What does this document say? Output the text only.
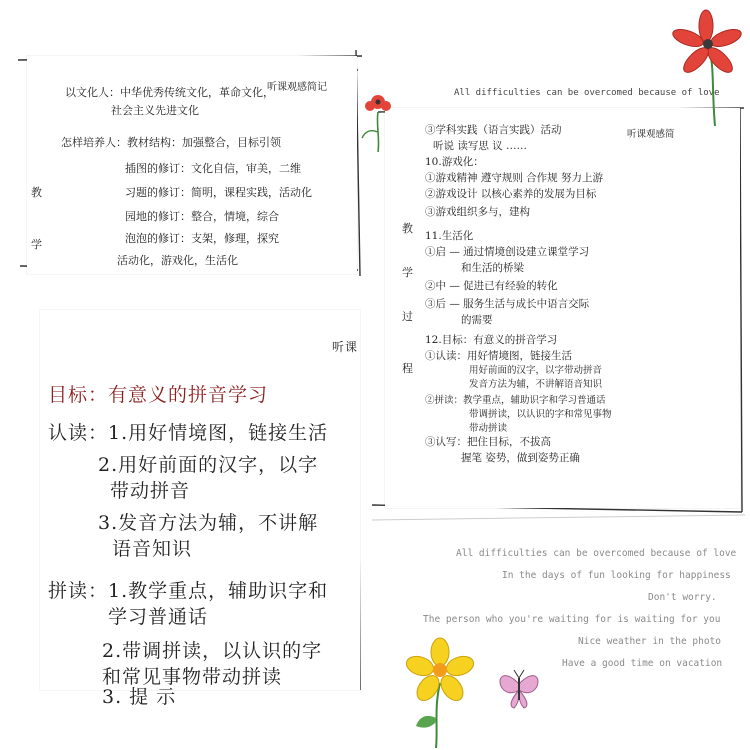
听课观感简记
教
学
以文化人：中华优秀传统文化，革命文化，
社会主义先进文化
怎样培养人：教材结构：加强整合，目标引领
插图的修订：文化自信，审美，二维
习题的修订：简明，课程实践，活动化
园地的修订：整合，情境，综合
泡泡的修订：支架，修理，探究
活动化，游戏化，生活化
听课
目标：有意义的拼音学习
认读：1.用好情境图，链接生活
2.用好前面的汉字，以字
带动拼音
3.发音方法为辅，不讲解
语音知识
拼读：1.教学重点，辅助识字和
学习普通话
2.带调拼读，以认识的字
和常见事物带动拼读
3. 提 示
听课观感简
教
学
过
程
③学科实践（语言实践）活动
听说 读写思 议 ……
10.游戏化：
①游戏精神 遵守规则 合作规 努力上游
②游戏设计 以核心素养的发展为目标
③游戏组织多与，建构
11.生活化
①启 — 通过情境创设建立课堂学习
和生活的桥梁
②中 — 促进已有经验的转化
③后 — 服务生活与成长中语言交际
的需要
12.目标：有意义的拼音学习
①认读：用好情境图，链接生活
用好前面的汉字，以字带动拼音
发音方法为辅，不讲解语音知识
②拼读：教学重点，辅助识字和学习普通话
带调拼读，以认识的字和常见事物
带动拼读
③认写：把住目标，不拔高
握笔 姿势，做到姿势正确
All difficulties can be overcomed because of love
All difficulties can be overcomed because of love
In the days of fun looking for happiness
Don't worry.
The person who you're waiting for is waiting for you
Nice weather in the photo
Have a good time on vacation
